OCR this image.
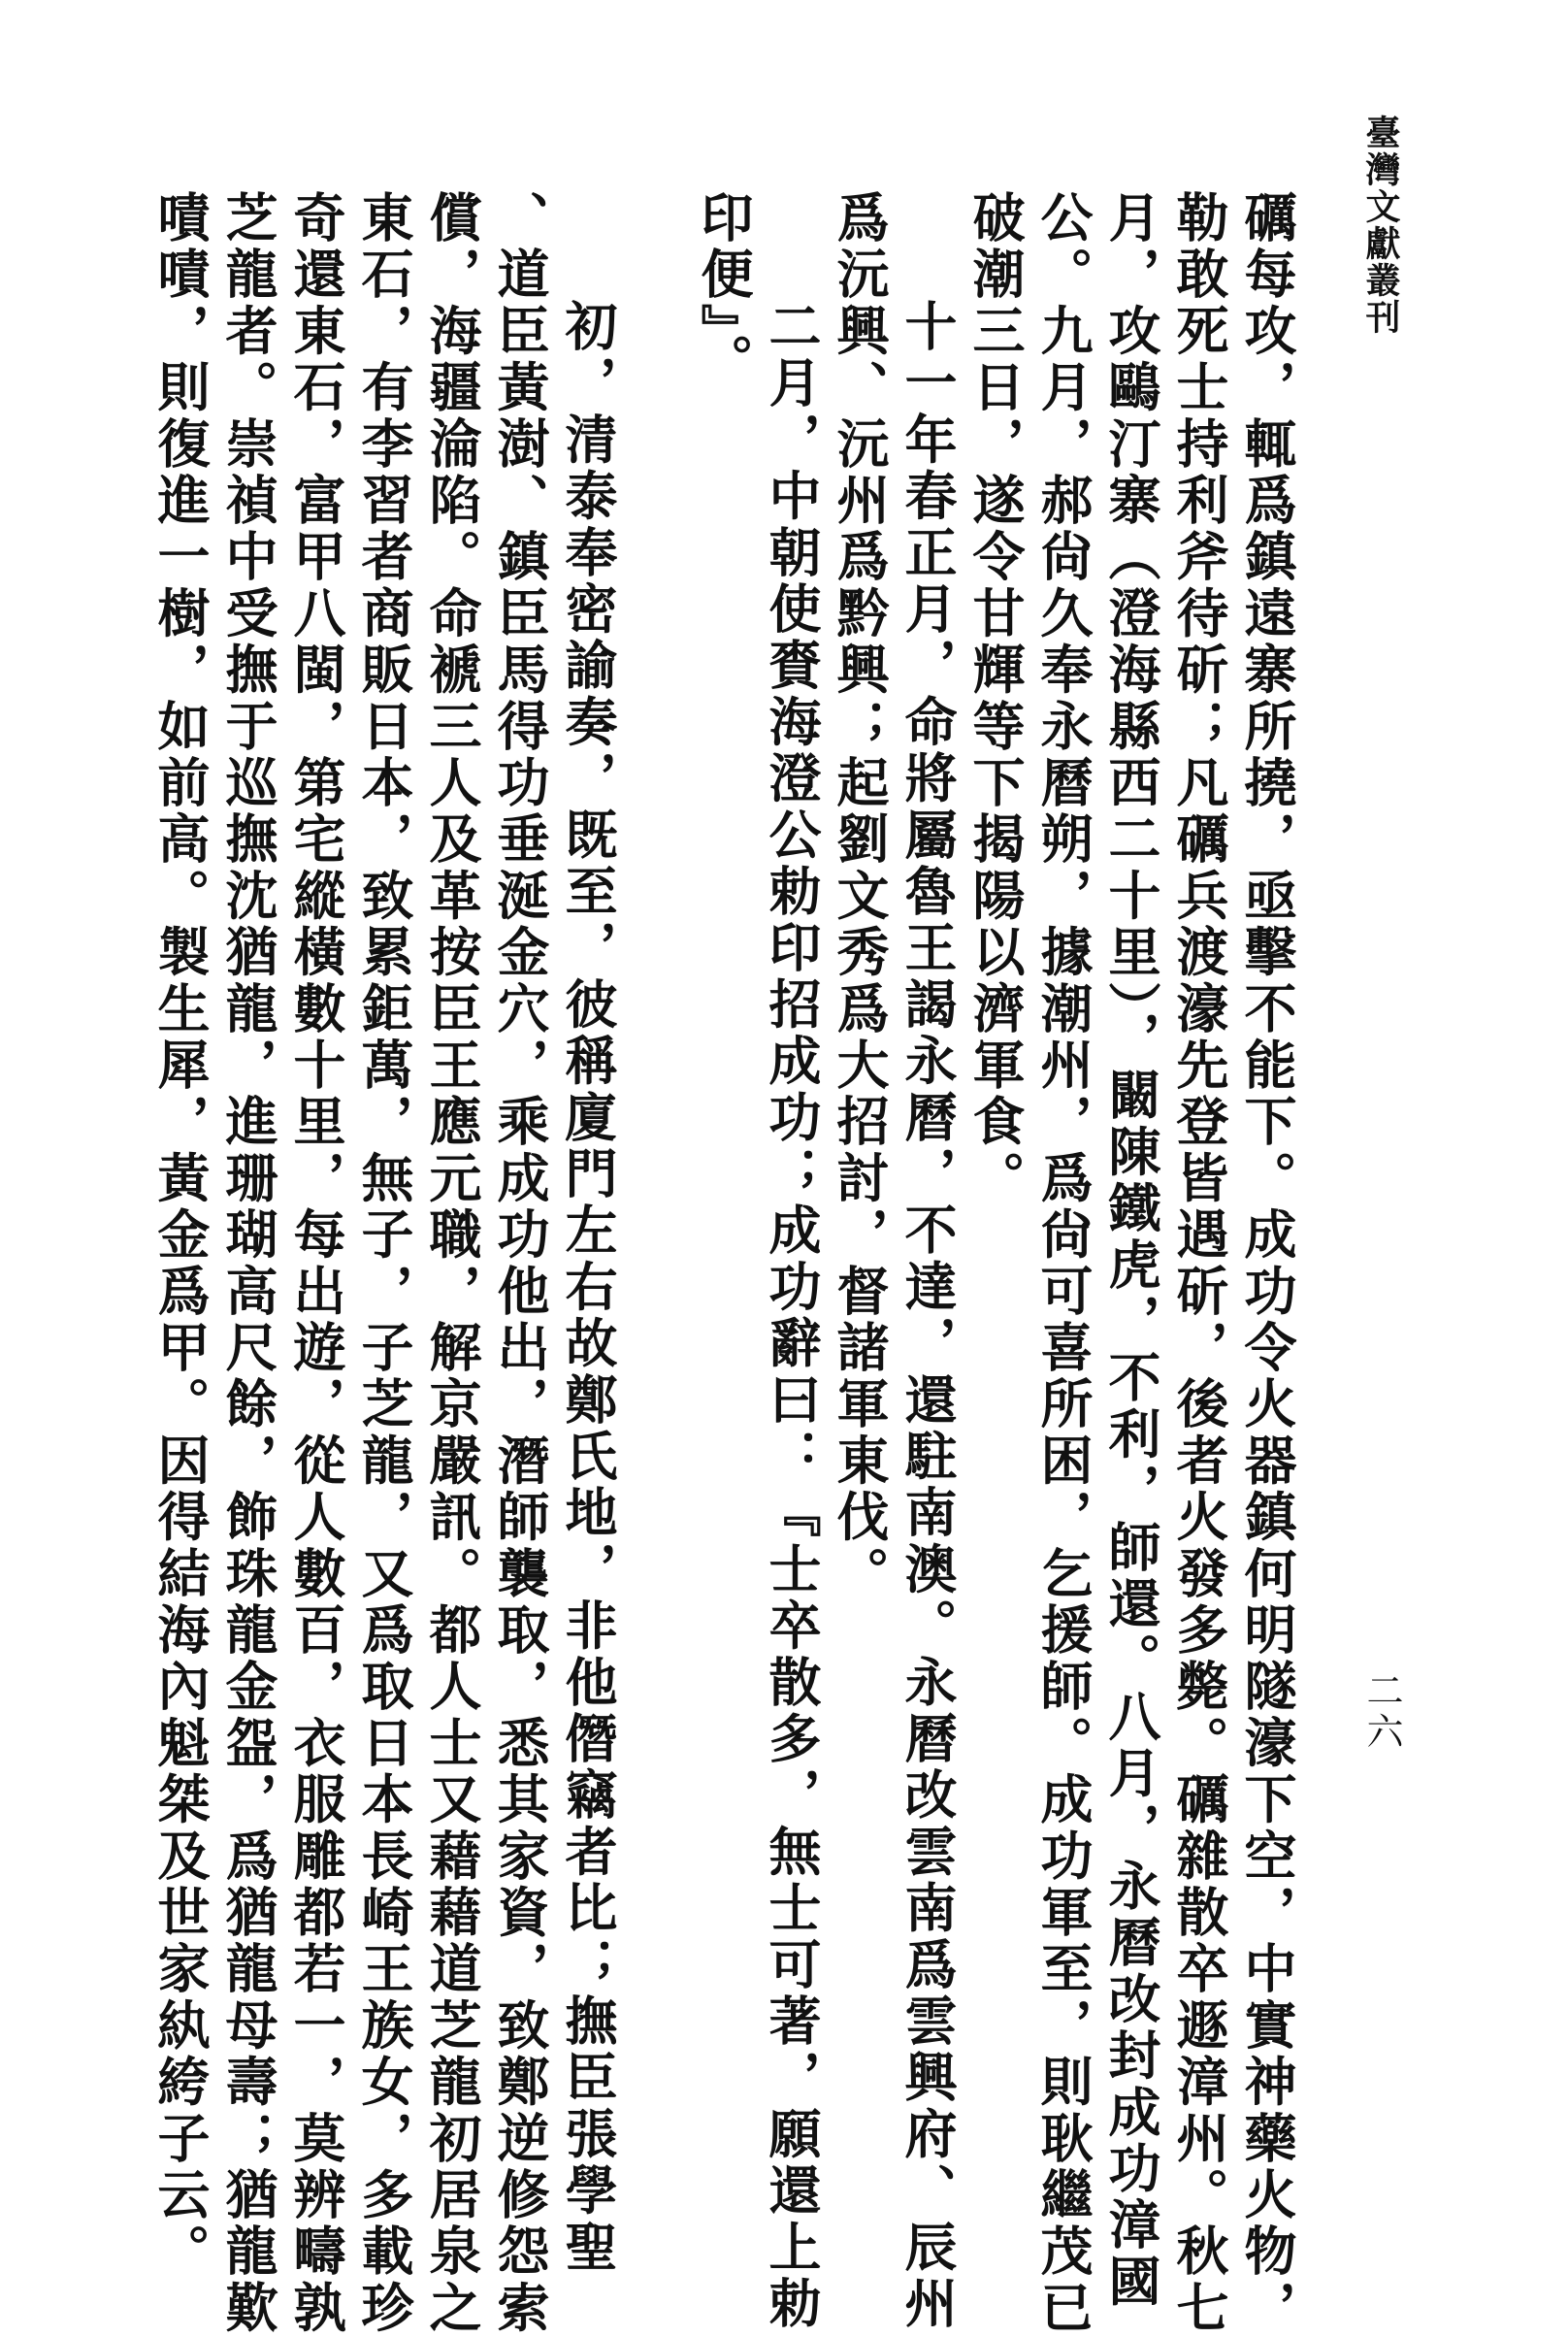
臺灣文獻叢刊
二六
礪每攻，輒爲鎮遠寨所撓，亟擊不能下。成功令火器鎮何明隧濠下空，中實神藥火物，
勒敢死士持利斧待斫；凡礪兵渡濠先登皆遇斫，後者火發多斃。礪雜散卒遯漳州。秋七
月，攻鷗汀寨（澄海縣西二十里），闞陳鐵虎，不利，師還。八月，永曆改封成功漳國
公。九月，郝尙久奉永曆朔，據潮州，爲尙可喜所困，乞援師。成功軍至，則耿繼茂已
破潮三日，遂令甘輝等下揭陽以濟軍食。
十一年春正月，命將屬魯王謁永曆，不達，還駐南澳。永曆改雲南爲雲興府、辰州
爲沅興、沅州爲黔興；起劉文秀爲大招討，督諸軍東伐。
二月，中朝使賚海澄公勅印招成功；成功辭曰：『士卒散多，無士可著，願還上勅
印便』。
初，清泰奉密諭奏，既至，彼稱廈門左右故鄭氏地，非他僭竊者比；撫臣張學聖
、道臣黃澍、鎮臣馬得功垂涎金穴，乘成功他出，潛師襲取，悉其家資，致鄭逆修怨索
償，海疆淪陷。命褫三人及革按臣王應元職，解京嚴訊。都人士又藉藉道芝龍初居泉之
東石，有李習者商販日本，致累鉅萬，無子，子芝龍，又爲取日本長崎王族女，多載珍
奇還東石，富甲八閩，第宅縱橫數十里，每出遊，從人數百，衣服雕都若一，莫辨疇孰
芝龍者。崇禎中受撫于巡撫沈猶龍，進珊瑚高尺餘，飾珠龍金盌，爲猶龍母壽；猶龍歎
嘖嘖，則復進一樹，如前高。製生犀，黃金爲甲。因得結海內魁桀及世家紈絝子云。
